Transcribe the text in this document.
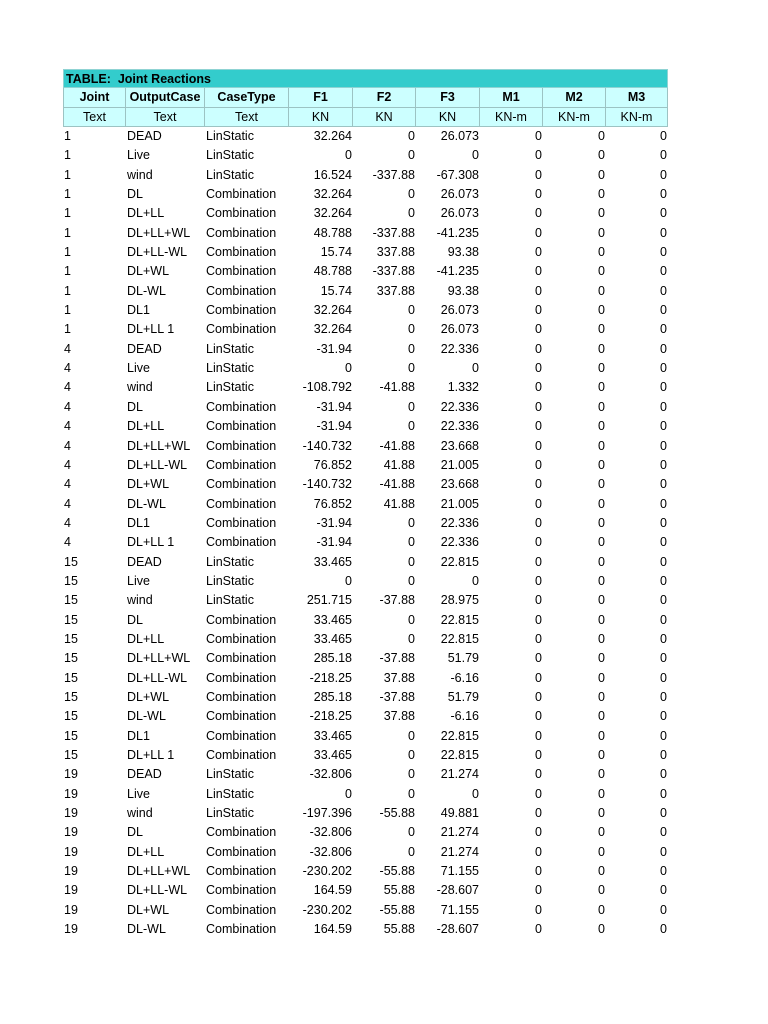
TABLE:  Joint Reactions
Joint	OutputCase	CaseType	F1	F2	F3	M1	M2	M3
Text	Text	Text	KN	KN	KN	KN-m	KN-m	KN-m
1	DEAD	LinStatic	32.264	0	26.073	0	0	0
1	Live	LinStatic	0	0	0	0	0	0
1	wind	LinStatic	16.524	-337.88	-67.308	0	0	0
1	DL	Combination	32.264	0	26.073	0	0	0
1	DL+LL	Combination	32.264	0	26.073	0	0	0
1	DL+LL+WL	Combination	48.788	-337.88	-41.235	0	0	0
1	DL+LL-WL	Combination	15.74	337.88	93.38	0	0	0
1	DL+WL	Combination	48.788	-337.88	-41.235	0	0	0
1	DL-WL	Combination	15.74	337.88	93.38	0	0	0
1	DL1	Combination	32.264	0	26.073	0	0	0
1	DL+LL 1	Combination	32.264	0	26.073	0	0	0
4	DEAD	LinStatic	-31.94	0	22.336	0	0	0
4	Live	LinStatic	0	0	0	0	0	0
4	wind	LinStatic	-108.792	-41.88	1.332	0	0	0
4	DL	Combination	-31.94	0	22.336	0	0	0
4	DL+LL	Combination	-31.94	0	22.336	0	0	0
4	DL+LL+WL	Combination	-140.732	-41.88	23.668	0	0	0
4	DL+LL-WL	Combination	76.852	41.88	21.005	0	0	0
4	DL+WL	Combination	-140.732	-41.88	23.668	0	0	0
4	DL-WL	Combination	76.852	41.88	21.005	0	0	0
4	DL1	Combination	-31.94	0	22.336	0	0	0
4	DL+LL 1	Combination	-31.94	0	22.336	0	0	0
15	DEAD	LinStatic	33.465	0	22.815	0	0	0
15	Live	LinStatic	0	0	0	0	0	0
15	wind	LinStatic	251.715	-37.88	28.975	0	0	0
15	DL	Combination	33.465	0	22.815	0	0	0
15	DL+LL	Combination	33.465	0	22.815	0	0	0
15	DL+LL+WL	Combination	285.18	-37.88	51.79	0	0	0
15	DL+LL-WL	Combination	-218.25	37.88	-6.16	0	0	0
15	DL+WL	Combination	285.18	-37.88	51.79	0	0	0
15	DL-WL	Combination	-218.25	37.88	-6.16	0	0	0
15	DL1	Combination	33.465	0	22.815	0	0	0
15	DL+LL 1	Combination	33.465	0	22.815	0	0	0
19	DEAD	LinStatic	-32.806	0	21.274	0	0	0
19	Live	LinStatic	0	0	0	0	0	0
19	wind	LinStatic	-197.396	-55.88	49.881	0	0	0
19	DL	Combination	-32.806	0	21.274	0	0	0
19	DL+LL	Combination	-32.806	0	21.274	0	0	0
19	DL+LL+WL	Combination	-230.202	-55.88	71.155	0	0	0
19	DL+LL-WL	Combination	164.59	55.88	-28.607	0	0	0
19	DL+WL	Combination	-230.202	-55.88	71.155	0	0	0
19	DL-WL	Combination	164.59	55.88	-28.607	0	0	0
